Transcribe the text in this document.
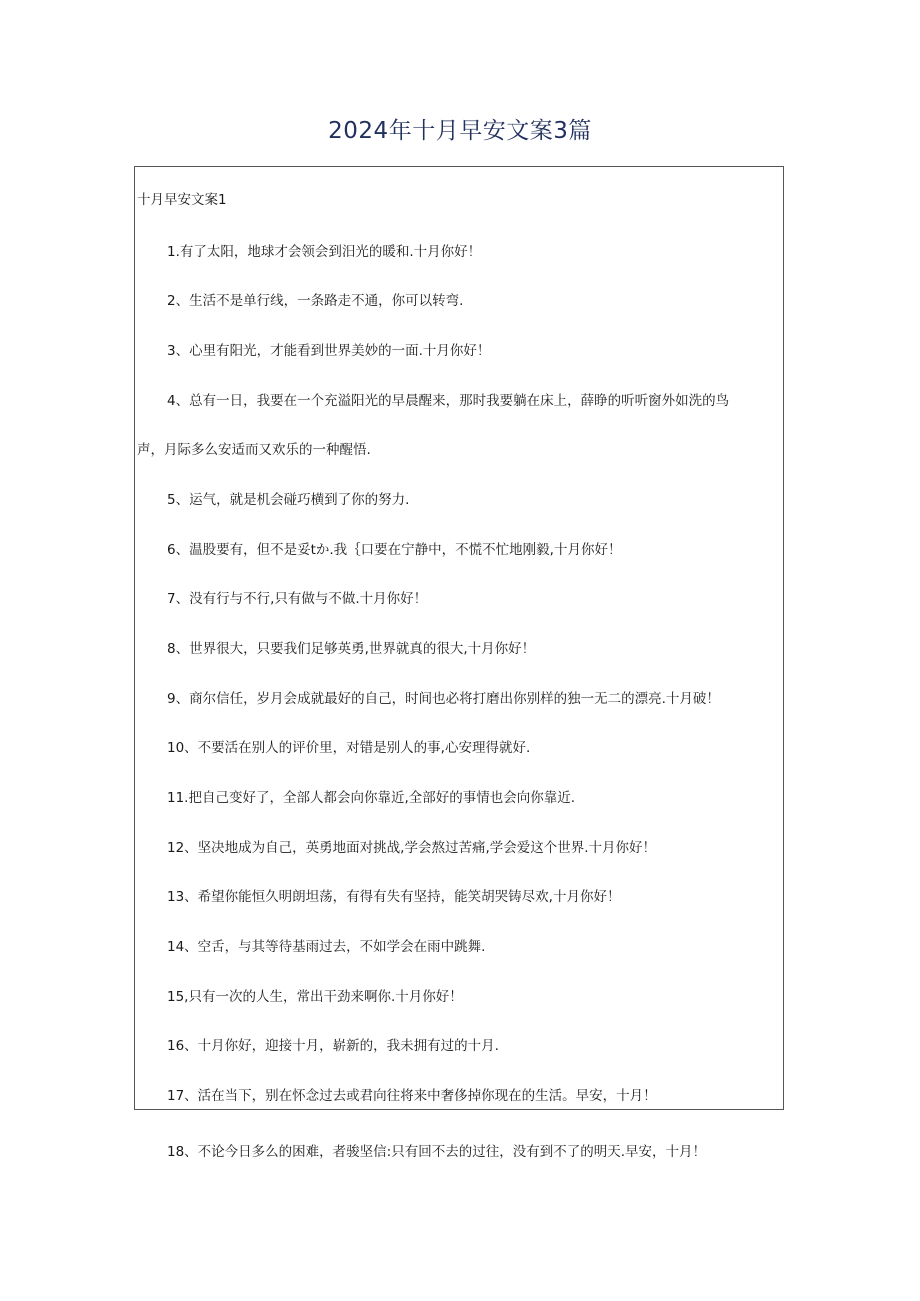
2024年十月早安文案3篇

十月早安文案1

1.有了太阳，地球才会领会到汨光的暖和.十月你好！

2、生活不是单行线，一条路走不通，你可以转弯.

3、心里有阳光，才能看到世界美妙的一面.十月你好！

4、总有一日，我要在一个充溢阳光的早晨醒来，那时我要躺在床上，薛睁的听听窗外如洗的鸟

声，月际多么安适而又欢乐的一种醒悟.

5、运气，就是机会碰巧横到了你的努力.

6、温股要有，但不是妥tか.我｛口要在宁静中，不慌不忙地刚毅,十月你好！

7、没有行与不行,只有做与不做.十月你好！

8、世界很大，只要我们足够英勇,世界就真的很大,十月你好！

9、商尔信任，岁月会成就最好的自己，时间也必将打磨出你别样的独一无二的漂亮.十月破！

10、不要活在别人的评价里，对错是别人的事,心安理得就好.

11.把自己变好了，全部人都会向你靠近,全部好的事情也会向你靠近.

12、坚决地成为自己，英勇地面对挑战,学会熬过苦痛,学会爱这个世界.十月你好！

13、希望你能恒久明朗坦荡，有得有失有坚持，能笑胡哭铸尽欢,十月你好！

14、空舌，与其等待基雨过去，不如学会在雨中跳舞.

15,只有一次的人生，常出干劲来啊你.十月你好！

16、十月你好，迎接十月，崭新的，我未拥有过的十月.

17、活在当下，别在怀念过去或君向往将来中奢侈掉你现在的生活。早安，十月！

18、不论今日多么的困难，者骏坚信:只有回不去的过往，没有到不了的明天.早安，十月！
